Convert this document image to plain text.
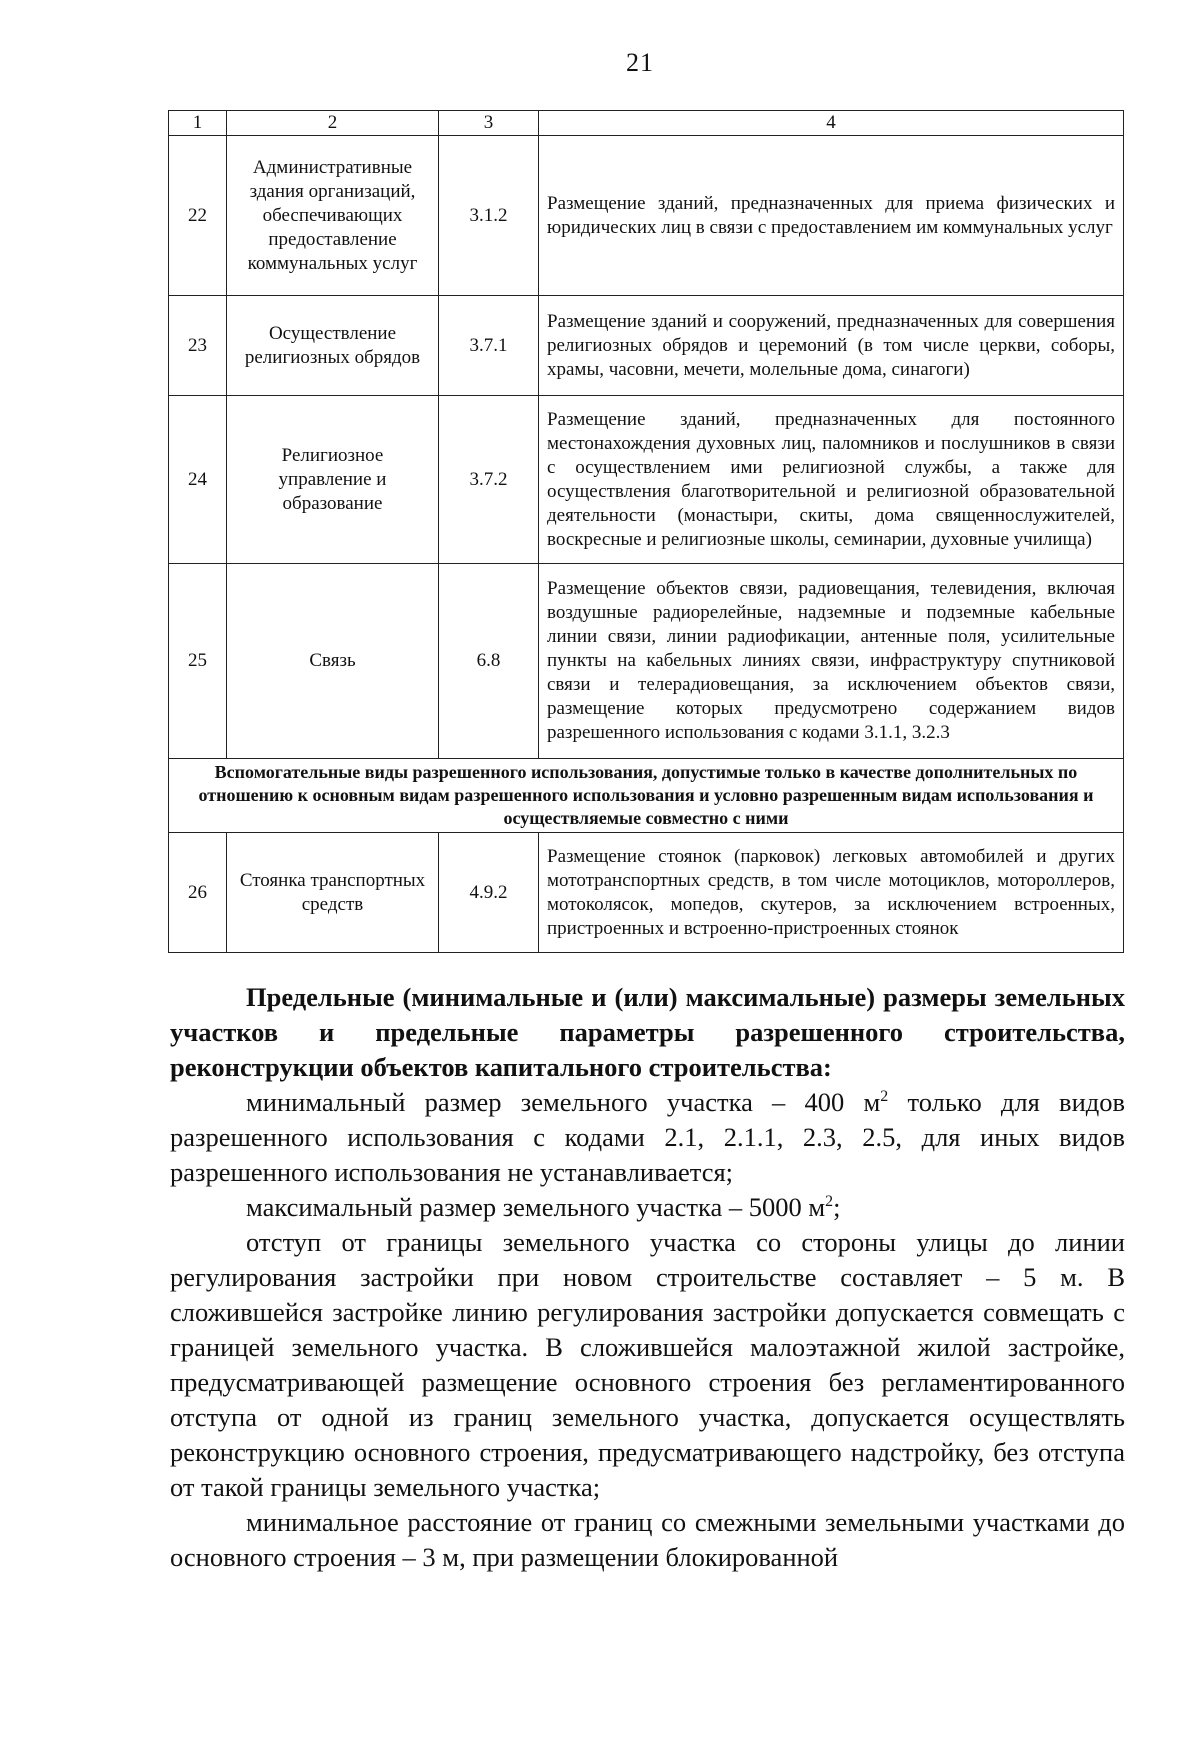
21
1	2	3	4
22	Административные здания организаций, обеспечивающих предоставление коммунальных услуг	3.1.2	Размещение зданий, предназначенных для приема физических и юридических лиц в связи с предоставлением им коммунальных услуг
23	Осуществление религиозных обрядов	3.7.1	Размещение зданий и сооружений, предназначенных для совершения религиозных обрядов и церемоний (в том числе церкви, соборы, храмы, часовни, мечети, молельные дома, синагоги)
24	Религиозное управление и образование	3.7.2	Размещение зданий, предназначенных для постоянного местонахождения духовных лиц, паломников и послушников в связи с осуществлением ими религиозной службы, а также для осуществления благотворительной и религиозной образовательной деятельности (монастыри, скиты, дома священнослужителей, воскресные и религиозные школы, семинарии, духовные училища)
25	Связь	6.8	Размещение объектов связи, радиовещания, телевидения, включая воздушные радиорелейные, надземные и подземные кабельные линии связи, линии радиофикации, антенные поля, усилительные пункты на кабельных линиях связи, инфраструктуру спутниковой связи и телерадиовещания, за исключением объектов связи, размещение которых предусмотрено содержанием видов разрешенного использования с кодами 3.1.1, 3.2.3
Вспомогательные виды разрешенного использования, допустимые только в качестве дополнительных по отношению к основным видам разрешенного использования и условно разрешенным видам использования и осуществляемые совместно с ними			
26	Стоянка транспортных средств	4.9.2	Размещение стоянок (парковок) легковых автомобилей и других мототранспортных средств, в том числе мотоциклов, мотороллеров, мотоколясок, мопедов, скутеров, за исключением встроенных, пристроенных и встроенно-пристроенных стоянок

Предельные (минимальные и (или) максимальные) размеры земельных участков и предельные параметры разрешенного строительства, реконструкции объектов капитального строительства:

минимальный размер земельного участка – 400 $м^2$ только для видов разрешенного использования с кодами 2.1, 2.1.1, 2.3, 2.5, для иных видов разрешенного использования не устанавливается;

максимальный размер земельного участка – 5000 $м^2$;

отступ от границы земельного участка со стороны улицы до линии регулирования застройки при новом строительстве составляет – 5 м. В сложившейся застройке линию регулирования застройки допускается совмещать с границей земельного участка. В сложившейся малоэтажной жилой застройке, предусматривающей размещение основного строения без регламентированного отступа от одной из границ земельного участка, допускается осуществлять реконструкцию основного строения, предусматривающего надстройку, без отступа от такой границы земельного участка;

минимальное расстояние от границ со смежными земельными участками до основного строения – 3 м, при размещении блокированной
